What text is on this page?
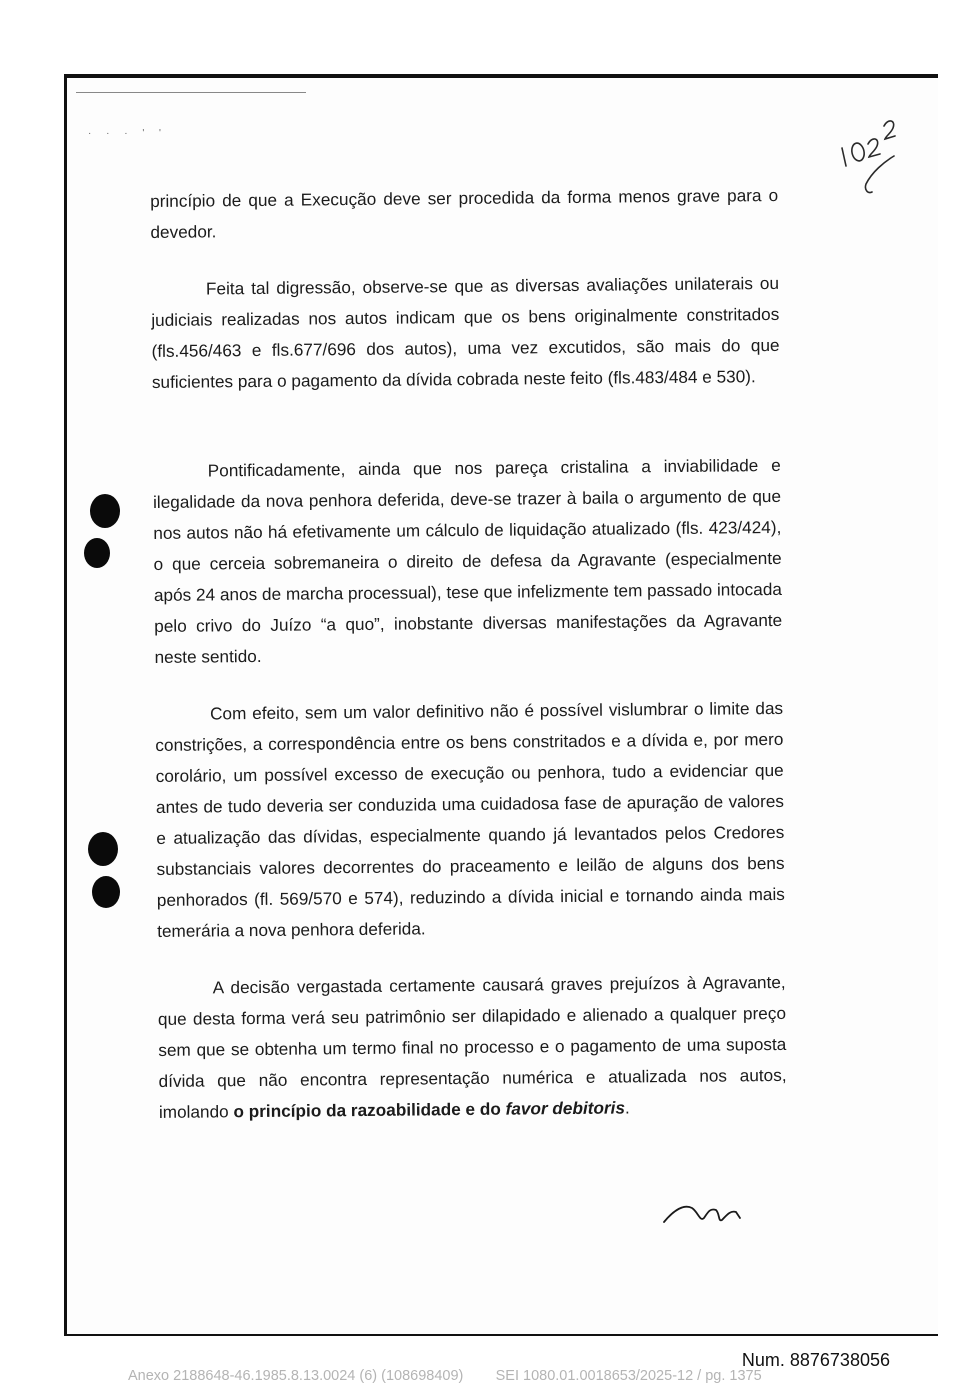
· · · ' '

princípio de que a Execução deve ser procedida da forma menos grave para o devedor.

Feita tal digressão, observe-se que as diversas avaliações unilaterais ou judiciais realizadas nos autos indicam que os bens originalmente constritados (fls.456/463 e fls.677/696 dos autos), uma vez excutidos, são mais do que suficientes para o pagamento da dívida cobrada neste feito (fls.483/484 e 530).

Pontificadamente, ainda que nos pareça cristalina a inviabilidade e ilegalidade da nova penhora deferida, deve-se trazer à baila o argumento de que nos autos não há efetivamente um cálculo de liquidação atualizado (fls. 423/424), o que cerceia sobremaneira o direito de defesa da Agravante (especialmente após 24 anos de marcha processual), tese que infelizmente tem passado intocada pelo crivo do Juízo “a quo”, inobstante diversas manifestações da Agravante neste sentido.

Com efeito, sem um valor definitivo não é possível vislumbrar o limite das constrições, a correspondência entre os bens constritados e a dívida e, por mero corolário, um possível excesso de execução ou penhora, tudo a evidenciar que antes de tudo deveria ser conduzida uma cuidadosa fase de apuração de valores e atualização das dívidas, especialmente quando já levantados pelos Credores substanciais valores decorrentes do praceamento e leilão de alguns dos bens penhorados (fl. 569/570 e 574), reduzindo a dívida inicial e tornando ainda mais temerária a nova penhora deferida.

A decisão vergastada certamente causará graves prejuízos à Agravante, que desta forma verá seu patrimônio ser dilapidado e alienado a qualquer preço sem que se obtenha um termo final no processo e o pagamento de uma suposta dívida que não encontra representação numérica e atualizada nos autos, imolando o princípio da razoabilidade e do favor debitoris.

Num. 8876738056
Anexo 2188648-46.1985.8.13.0024 (6) (108698409)        SEI 1080.01.0018653/2025-12 / pg. 1375
